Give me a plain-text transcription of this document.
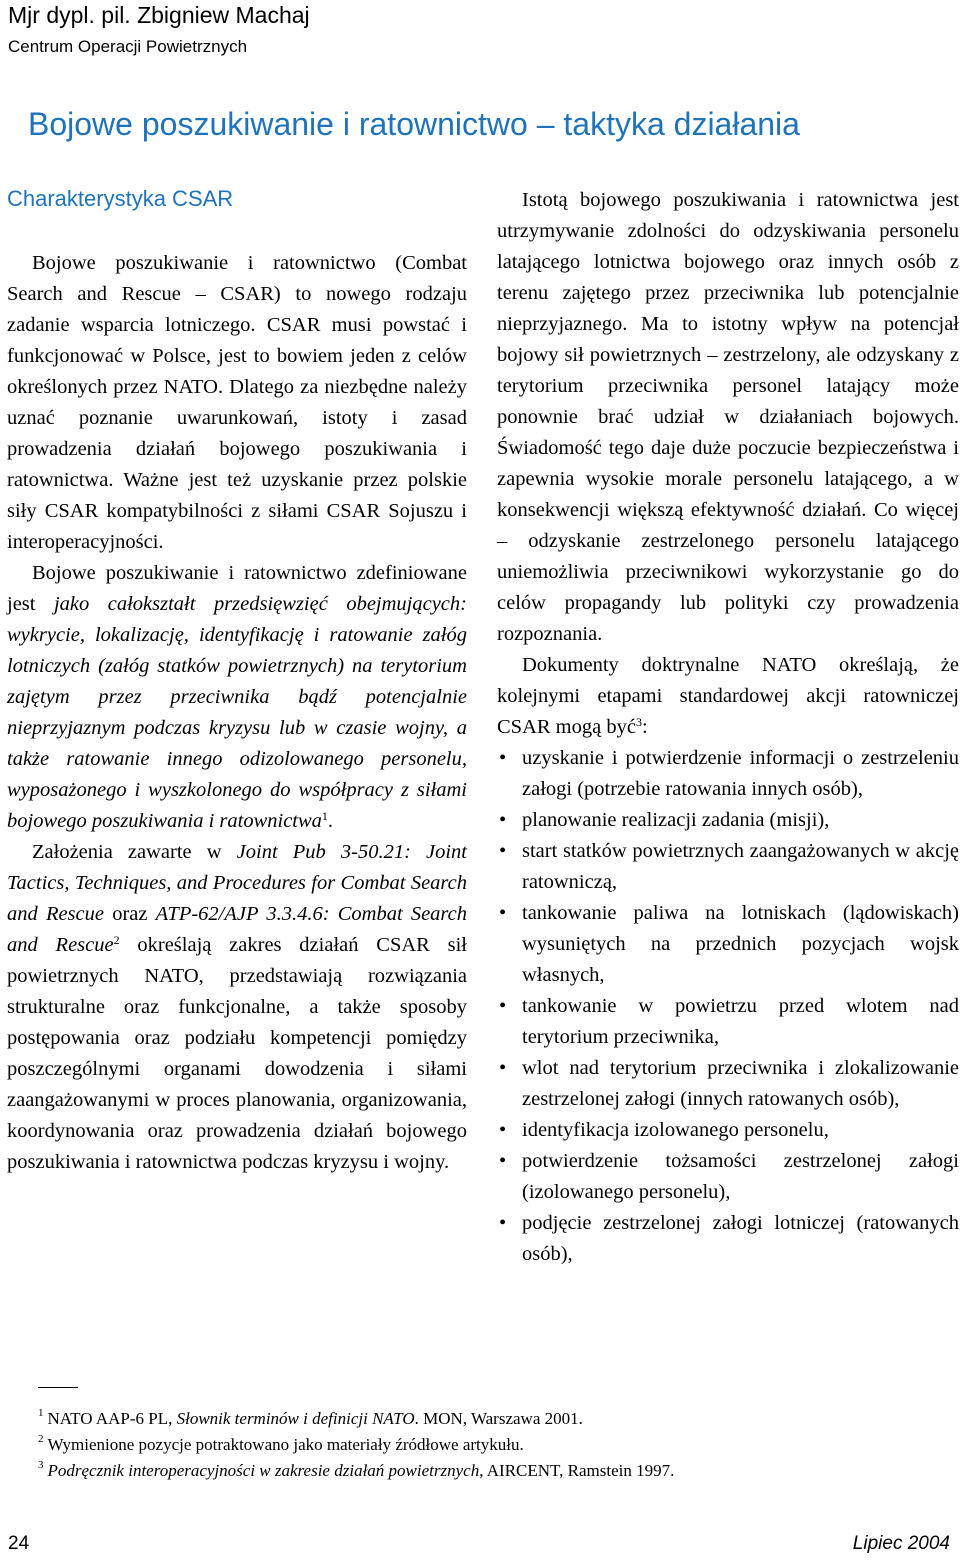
Mjr dypl. pil. Zbigniew Machaj
Centrum Operacji Powietrznych
Bojowe poszukiwanie i ratownictwo – taktyka działania
Charakterystyka CSAR

Bojowe poszukiwanie i ratownictwo (Combat Search and Rescue – CSAR) to nowego rodzaju zadanie wsparcia lotniczego. CSAR musi powstać i funkcjonować w Polsce, jest to bowiem jeden z celów określonych przez NATO. Dlatego za niezbędne należy uznać poznanie uwarunkowań, istoty i zasad prowadzenia działań bojowego poszukiwania i ratownictwa. Ważne jest też uzyskanie przez polskie siły CSAR kompatybilności z siłami CSAR Sojuszu i interoperacyjności.

Bojowe poszukiwanie i ratownictwo zdefiniowane jest jako całokształt przedsięwzięć obejmujących: wykrycie, lokalizację, identyfikację i ratowanie załóg lotniczych (załóg statków powietrznych) na terytorium zajętym przez przeciwnika bądź potencjalnie nieprzyjaznym podczas kryzysu lub w czasie wojny, a także ratowanie innego odizolowanego personelu, wyposażonego i wyszkolonego do współpracy z siłami bojowego poszukiwania i ratownictwa$^1$.

Założenia zawarte w Joint Pub 3-50.21: Joint Tactics, Techniques, and Procedures for Combat Search and Rescue oraz ATP-62/AJP 3.3.4.6: Combat Search and Rescue$^2$ określają zakres działań CSAR sił powietrznych NATO, przedstawiają rozwiązania strukturalne oraz funkcjonalne, a także sposoby postępowania oraz podziału kompetencji pomiędzy poszczególnymi organami dowodzenia i siłami zaangażowanymi w proces planowania, organizowania, koordynowania oraz prowadzenia działań bojowego poszukiwania i ratownictwa podczas kryzysu i wojny.

Istotą bojowego poszukiwania i ratownictwa jest utrzymywanie zdolności do odzyskiwania personelu latającego lotnictwa bojowego oraz innych osób z terenu zajętego przez przeciwnika lub potencjalnie nieprzyjaznego. Ma to istotny wpływ na potencjał bojowy sił powietrznych – zestrzelony, ale odzyskany z terytorium przeciwnika personel latający może ponownie brać udział w działaniach bojowych. Świadomość tego daje duże poczucie bezpieczeństwa i zapewnia wysokie morale personelu latającego, a w konsekwencji większą efektywność działań. Co więcej – odzyskanie zestrzelonego personelu latającego uniemożliwia przeciwnikowi wykorzystanie go do celów propagandy lub polityki czy prowadzenia rozpoznania.

Dokumenty doktrynalne NATO określają, że kolejnymi etapami standardowej akcji ratowniczej CSAR mogą być$^3$:

• uzyskanie i potwierdzenie informacji o zestrzeleniu załogi (potrzebie ratowania innych osób),
• planowanie realizacji zadania (misji),
• start statków powietrznych zaangażowanych w akcję ratowniczą,
• tankowanie paliwa na lotniskach (lądowiskach) wysuniętych na przednich pozycjach wojsk własnych,
• tankowanie w powietrzu przed wlotem nad terytorium przeciwnika,
• wlot nad terytorium przeciwnika i zlokalizowanie zestrzelonej załogi (innych ratowanych osób),
• identyfikacja izolowanego personelu,
• potwierdzenie tożsamości zestrzelonej załogi (izolowanego personelu),
• podjęcie zestrzelonej załogi lotniczej (ratowanych osób),
$^1$ NATO AAP-6 PL, Słownik terminów i definicji NATO. MON, Warszawa 2001.
$^2$ Wymienione pozycje potraktowano jako materiały źródłowe artykułu.
$^3$ Podręcznik interoperacyjności w zakresie działań powietrznych, AIRCENT, Ramstein 1997.
24	Lipiec 2004
